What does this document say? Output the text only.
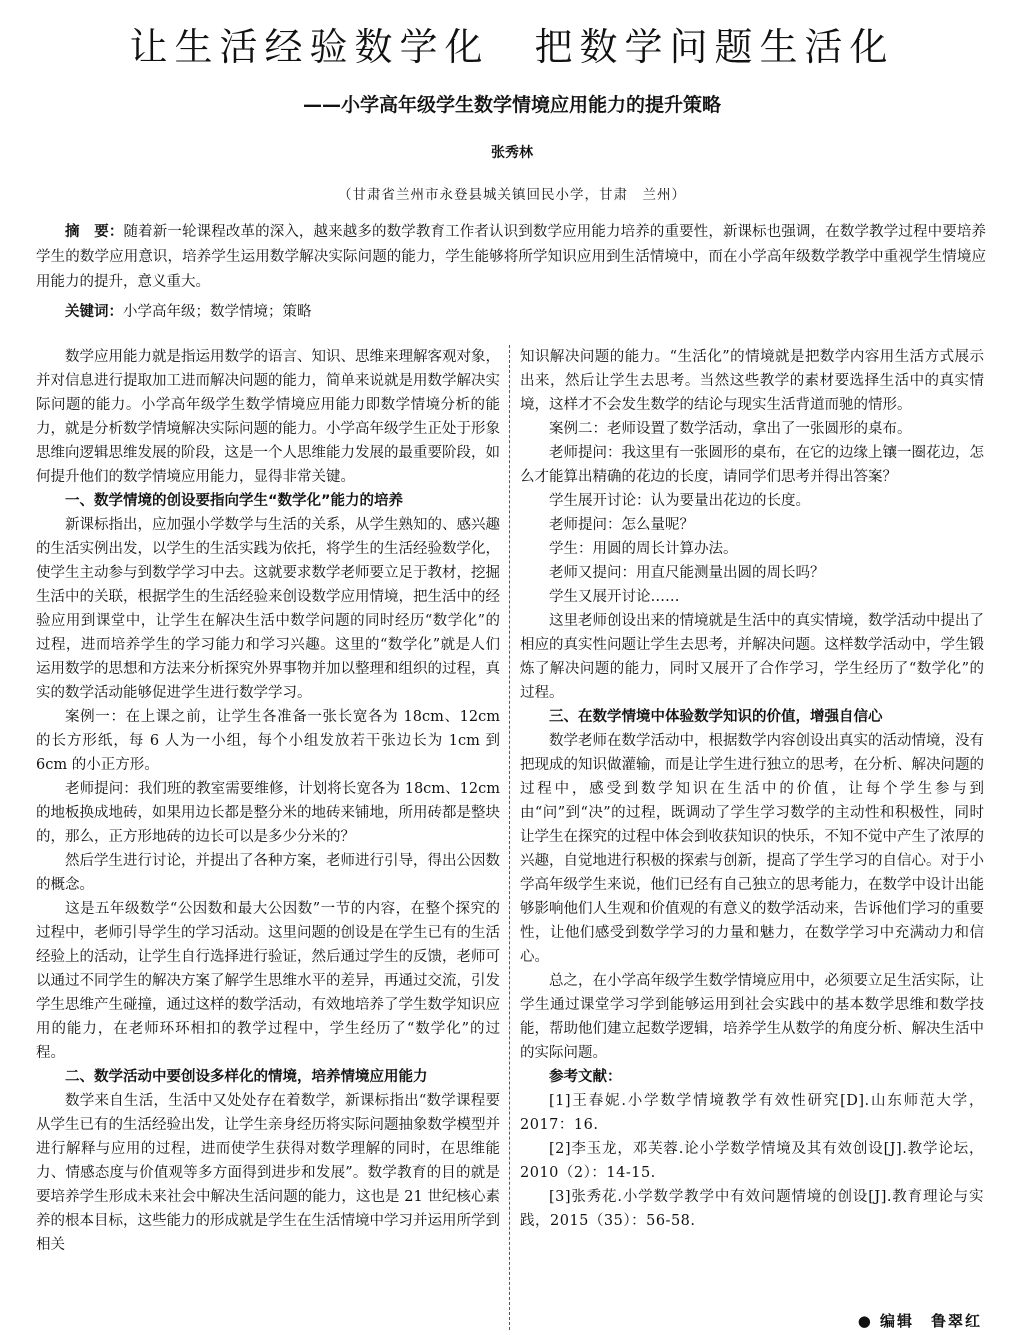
让生活经验数学化　把数学问题生活化
——小学高年级学生数学情境应用能力的提升策略
张秀林
（甘肃省兰州市永登县城关镇回民小学，甘肃　兰州）
摘　要：随着新一轮课程改革的深入，越来越多的数学教育工作者认识到数学应用能力培养的重要性，新课标也强调，在数学教学过程中要培养学生的数学应用意识，培养学生运用数学解决实际问题的能力，学生能够将所学知识应用到生活情境中，而在小学高年级数学教学中重视学生情境应用能力的提升，意义重大。
关键词：小学高年级；数学情境；策略

数学应用能力就是指运用数学的语言、知识、思维来理解客观对象，并对信息进行提取加工进而解决问题的能力，简单来说就是用数学解决实际问题的能力。小学高年级学生数学情境应用能力即数学情境分析的能力，就是分析数学情境解决实际问题的能力。小学高年级学生正处于形象思维向逻辑思维发展的阶段，这是一个人思维能力发展的最重要阶段，如何提升他们的数学情境应用能力，显得非常关键。

一、数学情境的创设要指向学生“数学化”能力的培养

新课标指出，应加强小学数学与生活的关系，从学生熟知的、感兴趣的生活实例出发，以学生的生活实践为依托，将学生的生活经验数学化，使学生主动参与到数学学习中去。这就要求数学老师要立足于教材，挖掘生活中的关联，根据学生的生活经验来创设数学应用情境，把生活中的经验应用到课堂中，让学生在解决生活中数学问题的同时经历“数学化”的过程，进而培养学生的学习能力和学习兴趣。这里的“数学化”就是人们运用数学的思想和方法来分析探究外界事物并加以整理和组织的过程，真实的数学活动能够促进学生进行数学学习。

案例一：在上课之前，让学生各准备一张长宽各为 18cm、12cm 的长方形纸，每 6 人为一小组，每个小组发放若干张边长为 1cm 到 6cm 的小正方形。

老师提问：我们班的教室需要维修，计划将长宽各为 18cm、12cm 的地板换成地砖，如果用边长都是整分米的地砖来铺地，所用砖都是整块的，那么，正方形地砖的边长可以是多少分米的？

然后学生进行讨论，并提出了各种方案，老师进行引导，得出公因数的概念。

这是五年级数学“公因数和最大公因数”一节的内容，在整个探究的过程中，老师引导学生的学习活动。这里问题的创设是在学生已有的生活经验上的活动，让学生自行选择进行验证，然后通过学生的反馈，老师可以通过不同学生的解决方案了解学生思维水平的差异，再通过交流，引发学生思维产生碰撞，通过这样的数学活动，有效地培养了学生数学知识应用的能力，在老师环环相扣的教学过程中，学生经历了“数学化”的过程。

二、数学活动中要创设多样化的情境，培养情境应用能力

数学来自生活，生活中又处处存在着数学，新课标指出“数学课程要从学生已有的生活经验出发，让学生亲身经历将实际问题抽象数学模型并进行解释与应用的过程，进而使学生获得对数学理解的同时，在思维能力、情感态度与价值观等多方面得到进步和发展”。数学教育的目的就是要培养学生形成未来社会中解决生活问题的能力，这也是 21 世纪核心素养的根本目标，这些能力的形成就是学生在生活情境中学习并运用所学到相关

知识解决问题的能力。“生活化”的情境就是把数学内容用生活方式展示出来，然后让学生去思考。当然这些教学的素材要选择生活中的真实情境，这样才不会发生数学的结论与现实生活背道而驰的情形。

案例二：老师设置了数学活动，拿出了一张圆形的桌布。

老师提问：我这里有一张圆形的桌布，在它的边缘上镶一圈花边，怎么才能算出精确的花边的长度，请同学们思考并得出答案？

学生展开讨论：认为要量出花边的长度。

老师提问：怎么量呢？

学生：用圆的周长计算办法。

老师又提问：用直尺能测量出圆的周长吗？

学生又展开讨论……

这里老师创设出来的情境就是生活中的真实情境，数学活动中提出了相应的真实性问题让学生去思考，并解决问题。这样数学活动中，学生锻炼了解决问题的能力，同时又展开了合作学习，学生经历了“数学化”的过程。

三、在数学情境中体验数学知识的价值，增强自信心

数学老师在数学活动中，根据数学内容创设出真实的活动情境，没有把现成的知识做灌输，而是让学生进行独立的思考，在分析、解决问题的过程中，感受到数学知识在生活中的价值，让每个学生参与到由“问”到“决”的过程，既调动了学生学习数学的主动性和积极性，同时让学生在探究的过程中体会到收获知识的快乐，不知不觉中产生了浓厚的兴趣，自觉地进行积极的探索与创新，提高了学生学习的自信心。对于小学高年级学生来说，他们已经有自己独立的思考能力，在数学中设计出能够影响他们人生观和价值观的有意义的数学活动来，告诉他们学习的重要性，让他们感受到数学学习的力量和魅力，在数学学习中充满动力和信心。

总之，在小学高年级学生数学情境应用中，必须要立足生活实际，让学生通过课堂学习学到能够运用到社会实践中的基本数学思维和数学技能，帮助他们建立起数学逻辑，培养学生从数学的角度分析、解决生活中的实际问题。

参考文献：

[1]王春妮.小学数学情境教学有效性研究[D].山东师范大学，2017：16.

[2]李玉龙，邓芙蓉.论小学数学情境及其有效创设[J].教学论坛，2010（2）：14-15.

[3]张秀花.小学数学教学中有效问题情境的创设[J].教育理论与实践，2015（35）：56-58.

● 编辑　鲁翠红
